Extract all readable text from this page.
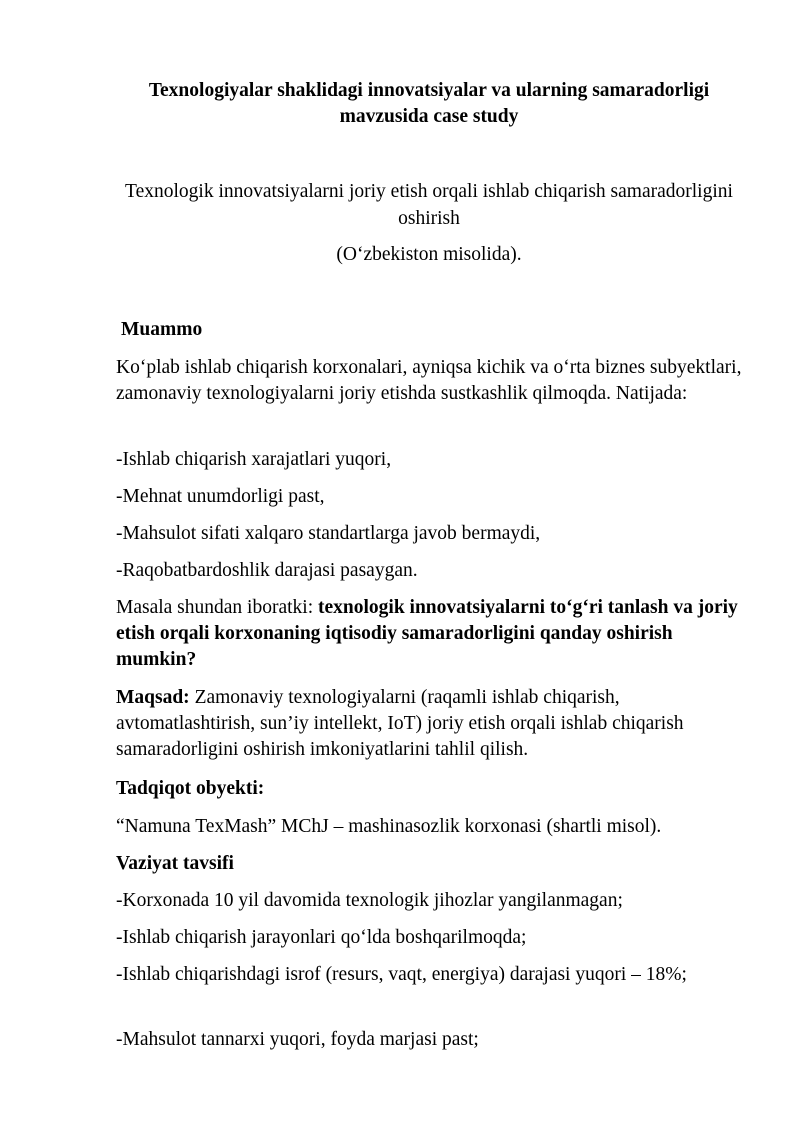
Texnologiyalar shaklidagi innovatsiyalar va ularning samaradorligi mavzusida case study
Texnologik innovatsiyalarni joriy etish orqali ishlab chiqarish samaradorligini oshirish
(O‘zbekiston misolida).
Muammo
Ko‘plab ishlab chiqarish korxonalari, ayniqsa kichik va o‘rta biznes subyektlari, zamonaviy texnologiyalarni joriy etishda sustkashlik qilmoqda. Natijada:
-Ishlab chiqarish xarajatlari yuqori,
-Mehnat unumdorligi past,
-Mahsulot sifati xalqaro standartlarga javob bermaydi,
-Raqobatbardoshlik darajasi pasaygan.
Masala shundan iboratki: texnologik innovatsiyalarni to‘g‘ri tanlash va joriy etish orqali korxonaning iqtisodiy samaradorligini qanday oshirish mumkin?
Maqsad: Zamonaviy texnologiyalarni (raqamli ishlab chiqarish, avtomatlashtirish, sun’iy intellekt, IoT) joriy etish orqali ishlab chiqarish samaradorligini oshirish imkoniyatlarini tahlil qilish.
Tadqiqot obyekti:
“Namuna TexMash” MChJ – mashinasozlik korxonasi (shartli misol).
Vaziyat tavsifi
-Korxonada 10 yil davomida texnologik jihozlar yangilanmagan;
-Ishlab chiqarish jarayonlari qo‘lda boshqarilmoqda;
-Ishlab chiqarishdagi isrof (resurs, vaqt, energiya) darajasi yuqori – 18%;
-Mahsulot tannarxi yuqori, foyda marjasi past;
